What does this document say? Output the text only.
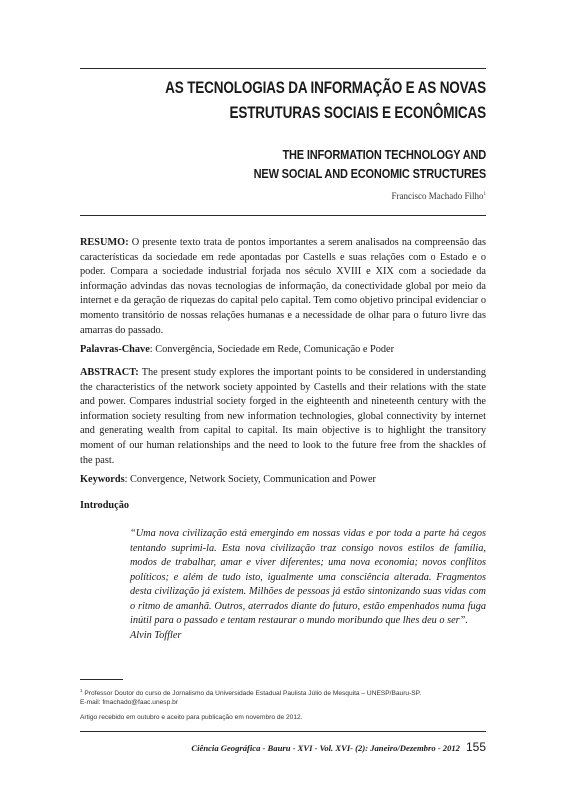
AS TECNOLOGIAS DA INFORMAÇÃO E AS NOVAS
ESTRUTURAS SOCIAIS E ECONÔMICAS
THE INFORMATION TECHNOLOGY AND
NEW SOCIAL AND ECONOMIC STRUCTURES
Francisco Machado Filho$^1$
RESUMO: O presente texto trata de pontos importantes a serem analisados na compreensão das características da sociedade em rede apontadas por Castells e suas relações com o Estado e o poder. Compara a sociedade industrial forjada nos século XVIII e XIX com a sociedade da informação advindas das novas tecnologias de informação, da conectividade global por meio da internet e da geração de riquezas do capital pelo capital. Tem como objetivo principal evidenciar o momento transitório de nossas relações humanas e a necessidade de olhar para o futuro livre das amarras do passado.
Palavras-Chave: Convergência, Sociedade em Rede, Comunicação e Poder
ABSTRACT: The present study explores the important points to be considered in understanding the characteristics of the network society appointed by Castells and their relations with the state and power. Compares industrial society forged in the eighteenth and nineteenth century with the information society resulting from new information technologies, global connectivity by internet and generating wealth from capital to capital. Its main objective is to highlight the transitory moment of our human relationships and the need to look to the future free from the shackles of the past.
Keywords: Convergence, Network Society, Communication and Power
Introdução
“Uma nova civilização está emergindo em nossas vidas e por toda a parte há cegos tentando suprimi-la. Esta nova civilização traz consigo novos estilos de família, modos de trabalhar, amar e viver diferentes; uma nova economia; novos conflitos políticos; e além de tudo isto, igualmente uma consciência alterada. Fragmentos desta civilização já existem. Milhões de pessoas já estão sintonizando suas vidas com o ritmo de amanhã. Outros, aterrados diante do futuro, estão empenhados numa fuga inútil para o passado e tentam restaurar o mundo moribundo que lhes deu o ser”.
Alvin Toffler
$^1$ Professor Doutor do curso de Jornalismo da Universidade Estadual Paulista Júlio de Mesquita – UNESP/Bauru-SP.
E-mail: fmachado@faac.unesp.br
Artigo recebido em outubro e aceito para publicação em novembro de 2012.
Ciência Geográfica - Bauru - XVI - Vol. XVI- (2): Janeiro/Dezembro - 2012 155
